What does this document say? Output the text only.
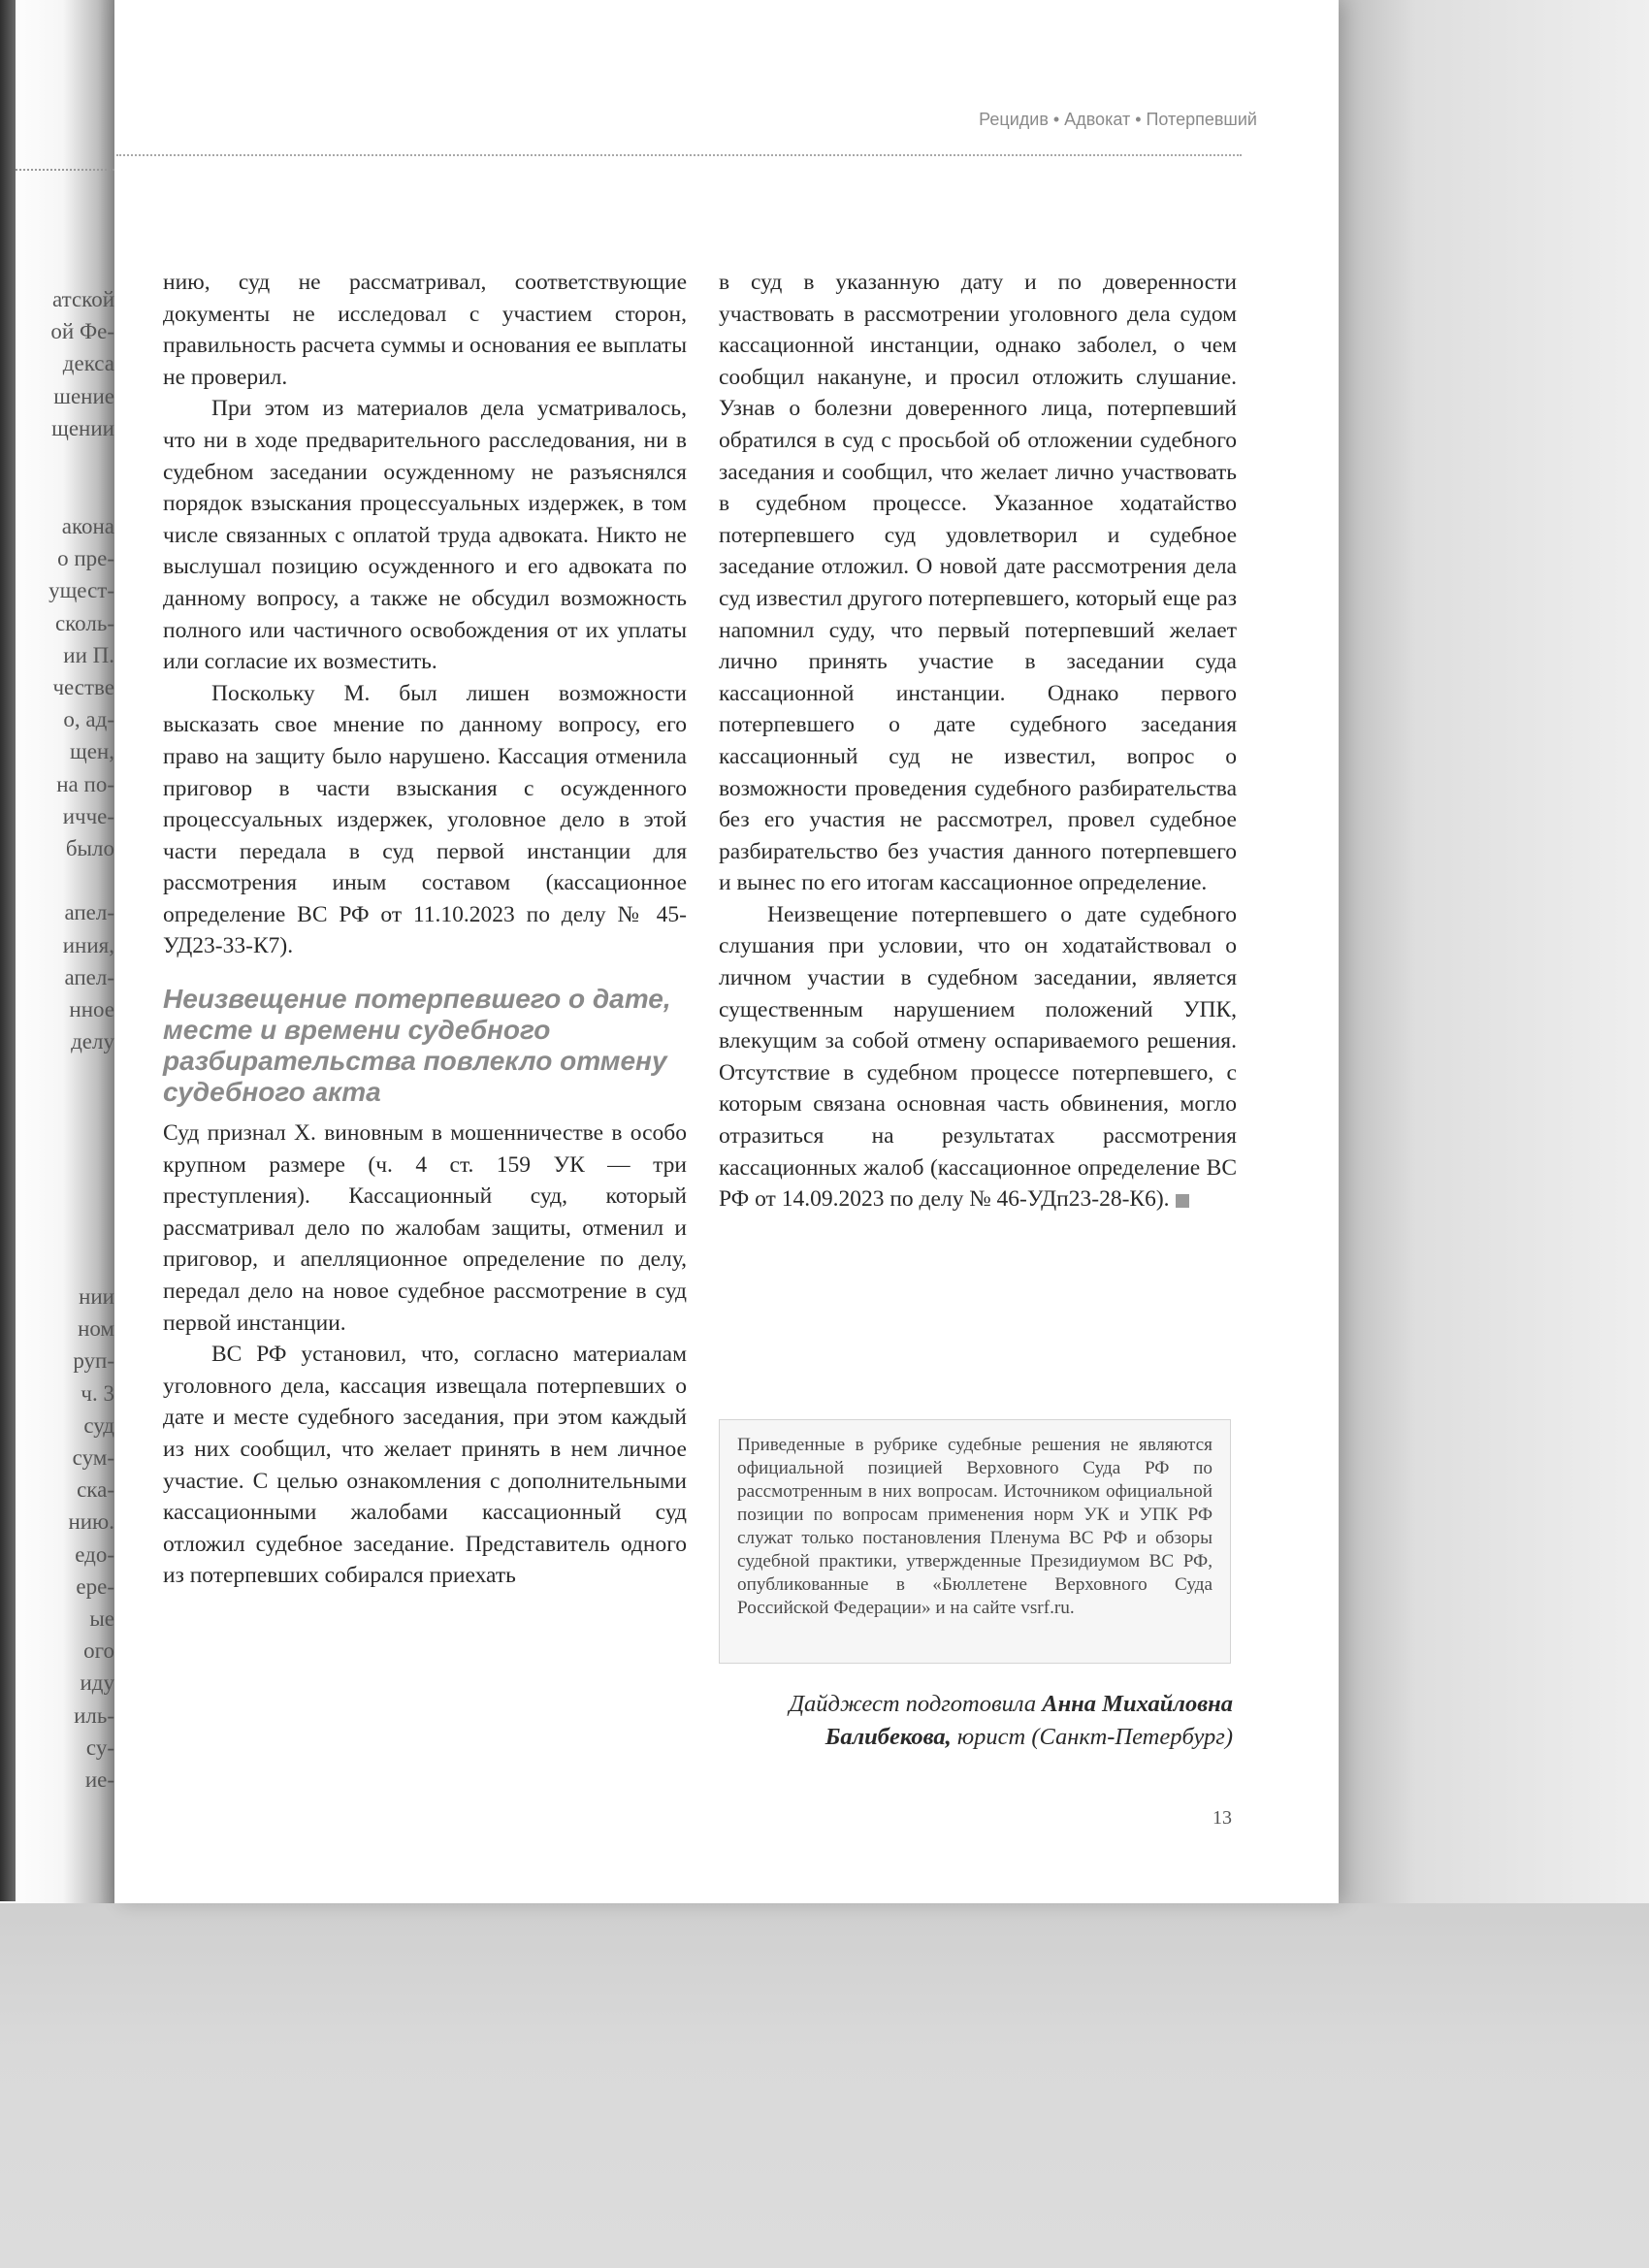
атской
ой Фе-
декса
шение
щении
акона
о пре-
ущест-
сколь-
ии П.
честве
о, ад-
щен,
на по-
ичче-
было

апел-
иния,
апел-
нное
делу
нии
ном
руп-
ч. 3
суд
сум-
ска-
нию.
едо-
ере-
ые
ого
иду
иль-
су-
ие-
Рецидив • Адвокат • Потерпевший

нию, суд не рассматривал, соответствующие документы не исследовал с участием сторон, правильность расчета суммы и основания ее выплаты не проверил.

При этом из материалов дела усматривалось, что ни в ходе предварительного расследования, ни в судебном заседании осужденному не разъяснялся порядок взыскания процессуальных издержек, в том числе связанных с оплатой труда адвоката. Никто не выслушал позицию осужденного и его адвоката по данному вопросу, а также не обсудил возможность полного или частичного освобождения от их уплаты или согласие их возместить.

Поскольку М. был лишен возможности высказать свое мнение по данному вопросу, его право на защиту было нарушено. Кассация отменила приговор в части взыскания с осужденного процессуальных издержек, уголовное дело в этой части передала в суд первой инстанции для рассмотрения иным составом (кассационное определение ВС РФ от 11.10.2023 по делу № 45-УД23-33-К7).

Неизвещение потерпевшего о дате, месте и времени судебного разбирательства повлекло отмену судебного акта

Суд признал Х. виновным в мошенничестве в особо крупном размере (ч. 4 ст. 159 УК — три преступления). Кассационный суд, который рассматривал дело по жалобам защиты, отменил и приговор, и апелляционное определение по делу, передал дело на новое судебное рассмотрение в суд первой инстанции.

ВС РФ установил, что, согласно материалам уголовного дела, кассация извещала потерпевших о дате и месте судебного заседания, при этом каждый из них сообщил, что желает принять в нем личное участие. С целью ознакомления с дополнительными кассационными жалобами кассационный суд отложил судебное заседание. Представитель одного из потерпевших собирался приехать

в суд в указанную дату и по доверенности участвовать в рассмотрении уголовного дела судом кассационной инстанции, однако заболел, о чем сообщил накануне, и просил отложить слушание. Узнав о болезни доверенного лица, потерпевший обратился в суд с просьбой об отложении судебного заседания и сообщил, что желает лично участвовать в судебном процессе. Указанное ходатайство потерпевшего суд удовлетворил и судебное заседание отложил. О новой дате рассмотрения дела суд известил другого потерпевшего, который еще раз напомнил суду, что первый потерпевший желает лично принять участие в заседании суда кассационной инстанции. Однако первого потерпевшего о дате судебного заседания кассационный суд не известил, вопрос о возможности проведения судебного разбирательства без его участия не рассмотрел, провел судебное разбирательство без участия данного потерпевшего и вынес по его итогам кассационное определение.

Неизвещение потерпевшего о дате судебного слушания при условии, что он ходатайствовал о личном участии в судебном заседании, является существенным нарушением положений УПК, влекущим за собой отмену оспариваемого решения. Отсутствие в судебном процессе потерпевшего, с которым связана основная часть обвинения, могло отразиться на результатах рассмотрения кассационных жалоб (кассационное определение ВС РФ от 14.09.2023 по делу № 46-УДп23-28-К6).

Приведенные в рубрике судебные решения не являются официальной позицией Верховного Суда РФ по рассмотренным в них вопросам. Источником официальной позиции по вопросам применения норм УК и УПК РФ служат только постановления Пленума ВС РФ и обзоры судебной практики, утвержденные Президиумом ВС РФ, опубликованные в «Бюллетене Верховного Суда Российской Федерации» и на сайте vsrf.ru.
Дайджест подготовила Анна Михайловна Балибекова, юрист (Санкт-Петербург)
13
